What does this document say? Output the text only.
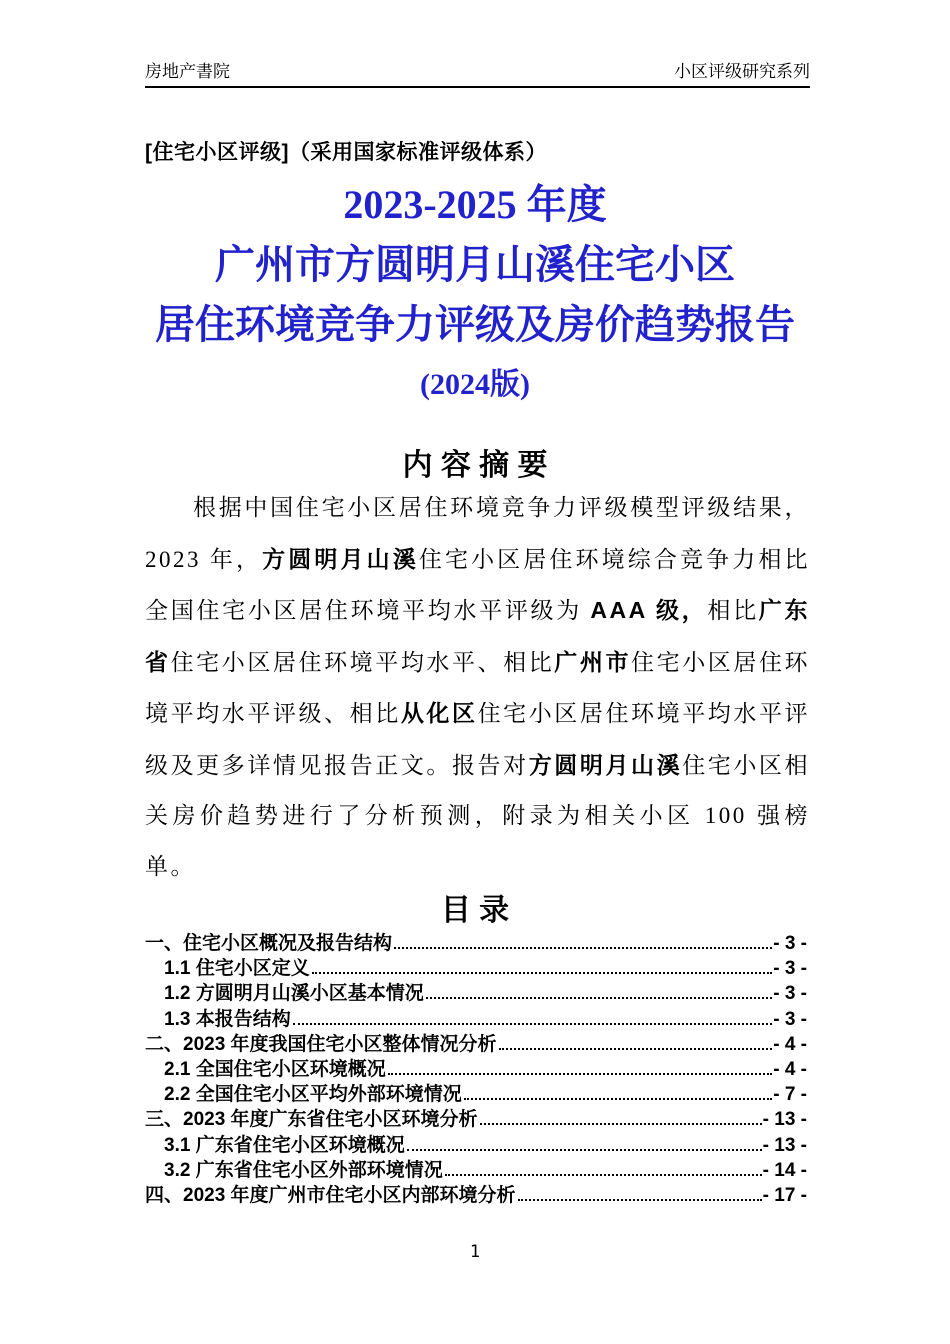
房地产書院	小区评级研究系列
[住宅小区评级]（采用国家标准评级体系）
2023-2025 年度
广州市方圆明月山溪住宅小区
居住环境竞争力评级及房价趋势报告
(2024版)
内 容 摘 要
根据中国住宅小区居住环境竞争力评级模型评级结果，2023 年，方圆明月山溪住宅小区居住环境综合竞争力相比全国住宅小区居住环境平均水平评级为 AAA 级，相比广东省住宅小区居住环境平均水平、相比广州市住宅小区居住环境平均水平评级、相比从化区住宅小区居住环境平均水平评级及更多详情见报告正文。报告对方圆明月山溪住宅小区相关房价趋势进行了分析预测，附录为相关小区 100 强榜单。
目 录
一、住宅小区概况及报告结构	- 3 -
1.1 住宅小区定义	- 3 -
1.2 方圆明月山溪小区基本情况	- 3 -
1.3 本报告结构	- 3 -
二、2023 年度我国住宅小区整体情况分析	- 4 -
2.1 全国住宅小区环境概况	- 4 -
2.2 全国住宅小区平均外部环境情况	- 7 -
三、2023 年度广东省住宅小区环境分析	- 13 -
3.1 广东省住宅小区环境概况	- 13 -
3.2 广东省住宅小区外部环境情况	- 14 -
四、2023 年度广州市住宅小区内部环境分析	- 17 -
1
